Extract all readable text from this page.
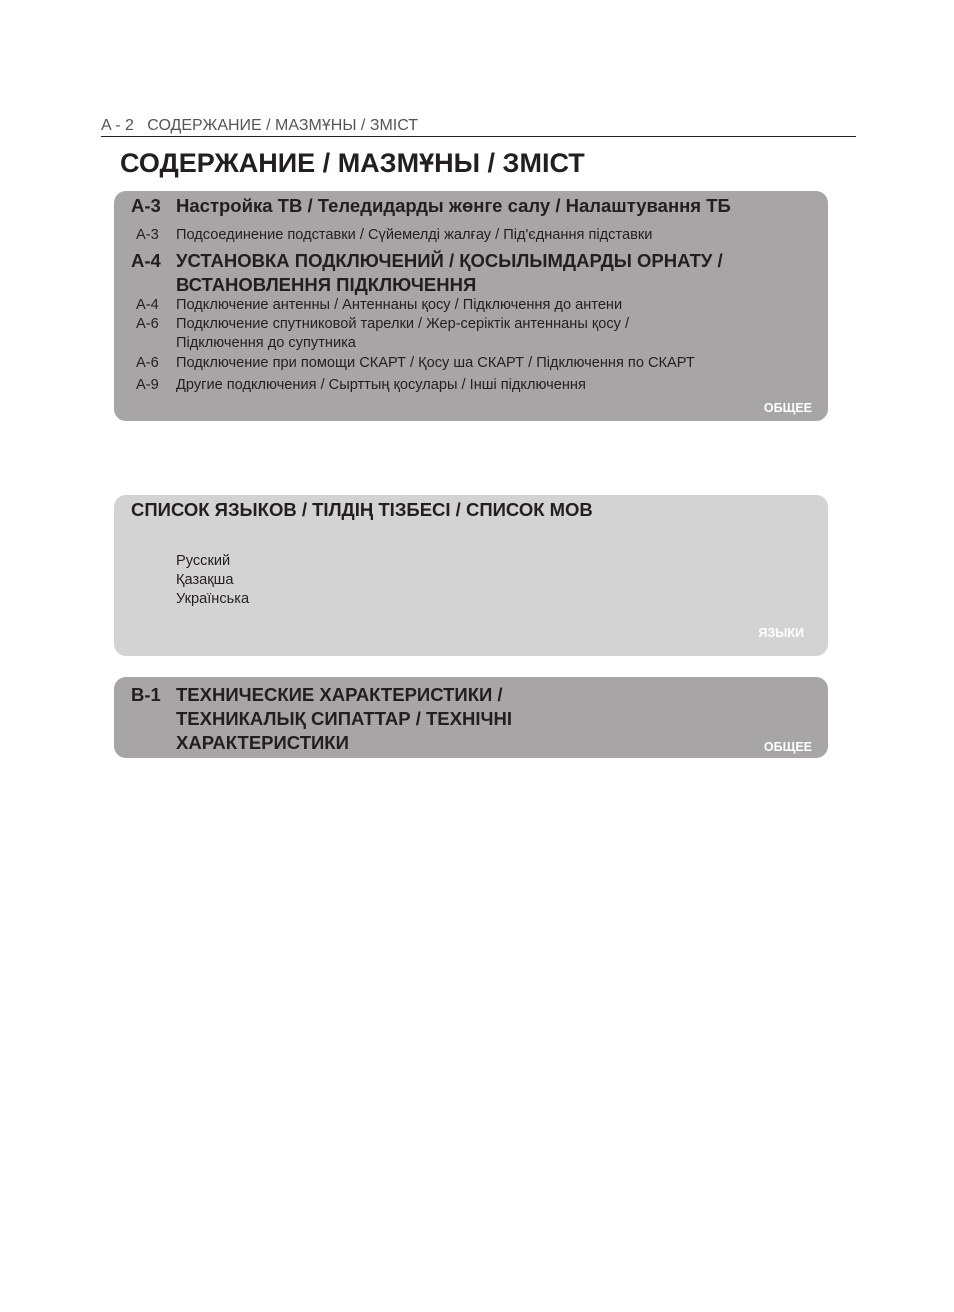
A - 2   СОДЕРЖАНИЕ / МАЗМҰНЫ / ЗМІСТ
СОДЕРЖАНИЕ / МАЗМҰНЫ / ЗМІСТ
A-3 Настройка ТВ / Теледидарды жөнге салу / Налаштування ТБ
A-3 Подсоединение подставки / Сүйемелді жалғау / Під'єднання підставки
A-4 УСТАНОВКА ПОДКЛЮЧЕНИЙ / ҚОСЫЛЫМДАРДЫ ОРНАТУ / ВСТАНОВЛЕННЯ ПІДКЛЮЧЕННЯ
A-4 Подключение антенны / Антеннаны қосу / Підключення до антени
A-6 Подключение спутниковой тарелки / Жер-серіктік антеннаны қосу / Підключення до супутника
A-6 Подключение при помощи СКАРТ / Қосу ша СКАРТ / Підключення по СКАРТ
A-9 Другие подключения / Сырттың қосулары / Інші підключення
ОБЩЕЕ
СПИСОК ЯЗЫКОВ / ТІЛДІҢ ТІЗБЕСІ / СПИСОК МОВ
Русский
Қазақша
Українська
ЯЗЫКИ
B-1 ТЕХНИЧЕСКИЕ ХАРАКТЕРИСТИКИ / ТЕХНИКАЛЫҚ СИПАТТАР / ТЕХНІЧНІ ХАРАКТЕРИСТИКИ	ОБЩЕЕ
